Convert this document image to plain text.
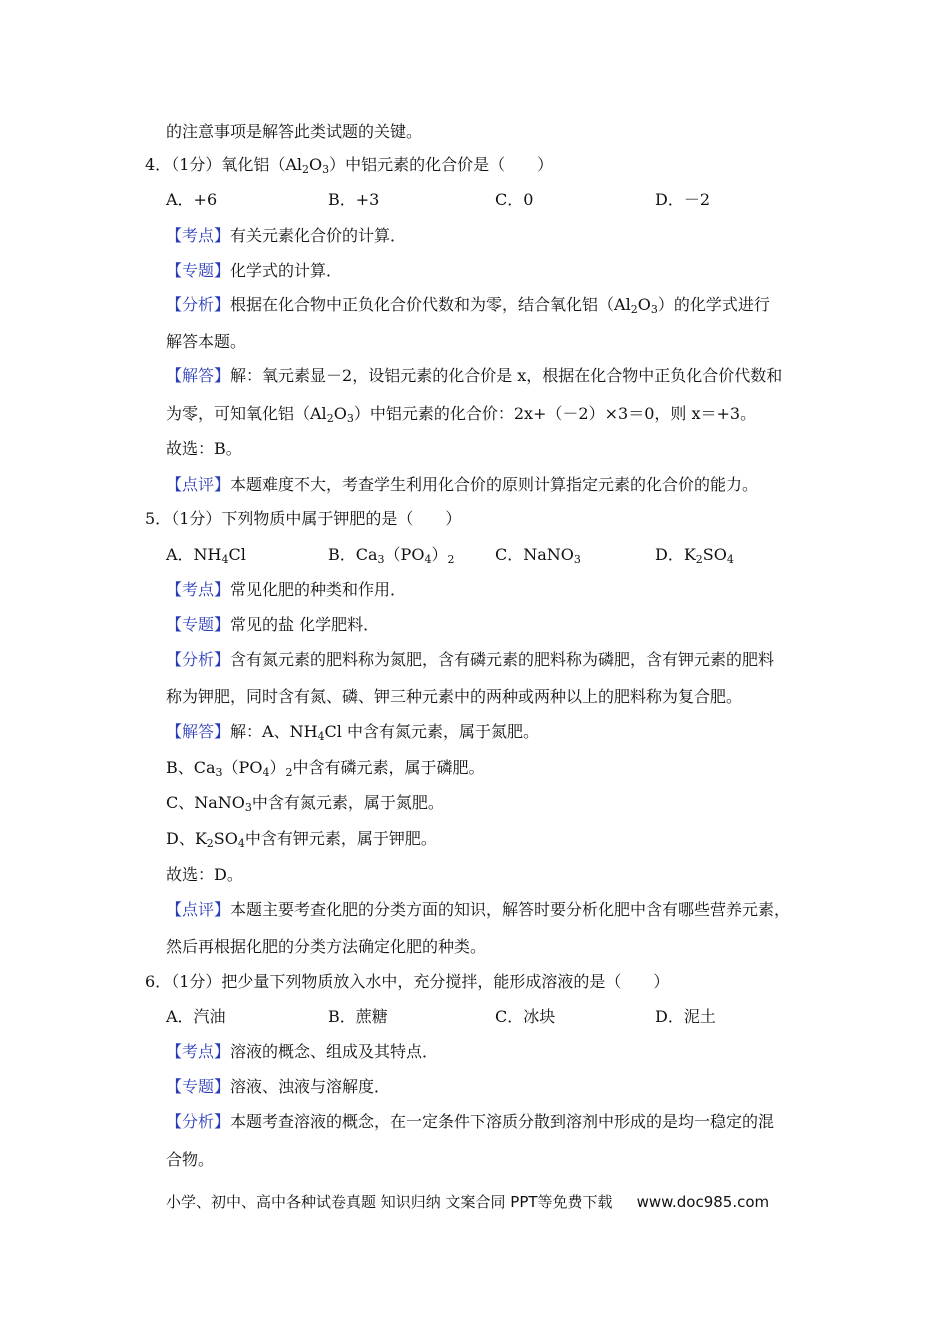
的注意事项是解答此类试题的关键。
4．（1分）氧化铝$(Al_2O_3)$中铝元素的化合价是（　　）
A．+6	B．+3	C．0	D．－2
【考点】有关元素化合价的计算．
【专题】化学式的计算．
【分析】根据在化合物中正负化合价代数和为零，结合氧化铝$(Al_2O_3)$的化学式进行
解答本题。
【解答】解：氧元素显－2，设铝元素的化合价是 x，根据在化合物中正负化合价代数和
为零，可知氧化铝$(Al_2O_3)$中铝元素的化合价：2x+（－2）×3＝0，则 x＝+3。
故选：B。
【点评】本题难度不大，考查学生利用化合价的原则计算指定元素的化合价的能力。
5．（1分）下列物质中属于钾肥的是（　　）
A．$NH_4Cl$	B．$Ca_3(PO_4)_2$	C．NaNO$_3$	D．$K_2SO_4$
【考点】常见化肥的种类和作用．
【专题】常见的盐 化学肥料．
【分析】含有氮元素的肥料称为氮肥，含有磷元素的肥料称为磷肥，含有钾元素的肥料
称为钾肥，同时含有氮、磷、钾三种元素中的两种或两种以上的肥料称为复合肥。
【解答】解：A、$NH_4Cl$ 中含有氮元素，属于氮肥。
B、$Ca_3(PO_4)_2$中含有磷元素，属于磷肥。
C、NaNO$_3$中含有氮元素，属于氮肥。
D、$K_2SO_4$中含有钾元素，属于钾肥。
故选：D。
【点评】本题主要考查化肥的分类方面的知识，解答时要分析化肥中含有哪些营养元素，
然后再根据化肥的分类方法确定化肥的种类。
6．（1分）把少量下列物质放入水中，充分搅拌，能形成溶液的是（　　）
A．汽油	B．蔗糖	C．冰块	D．泥土
【考点】溶液的概念、组成及其特点．
【专题】溶液、浊液与溶解度．
【分析】本题考查溶液的概念，在一定条件下溶质分散到溶剂中形成的是均一稳定的混
合物。
小学、初中、高中各种试卷真题 知识归纳 文案合同 PPT等免费下载 www.doc985.com
